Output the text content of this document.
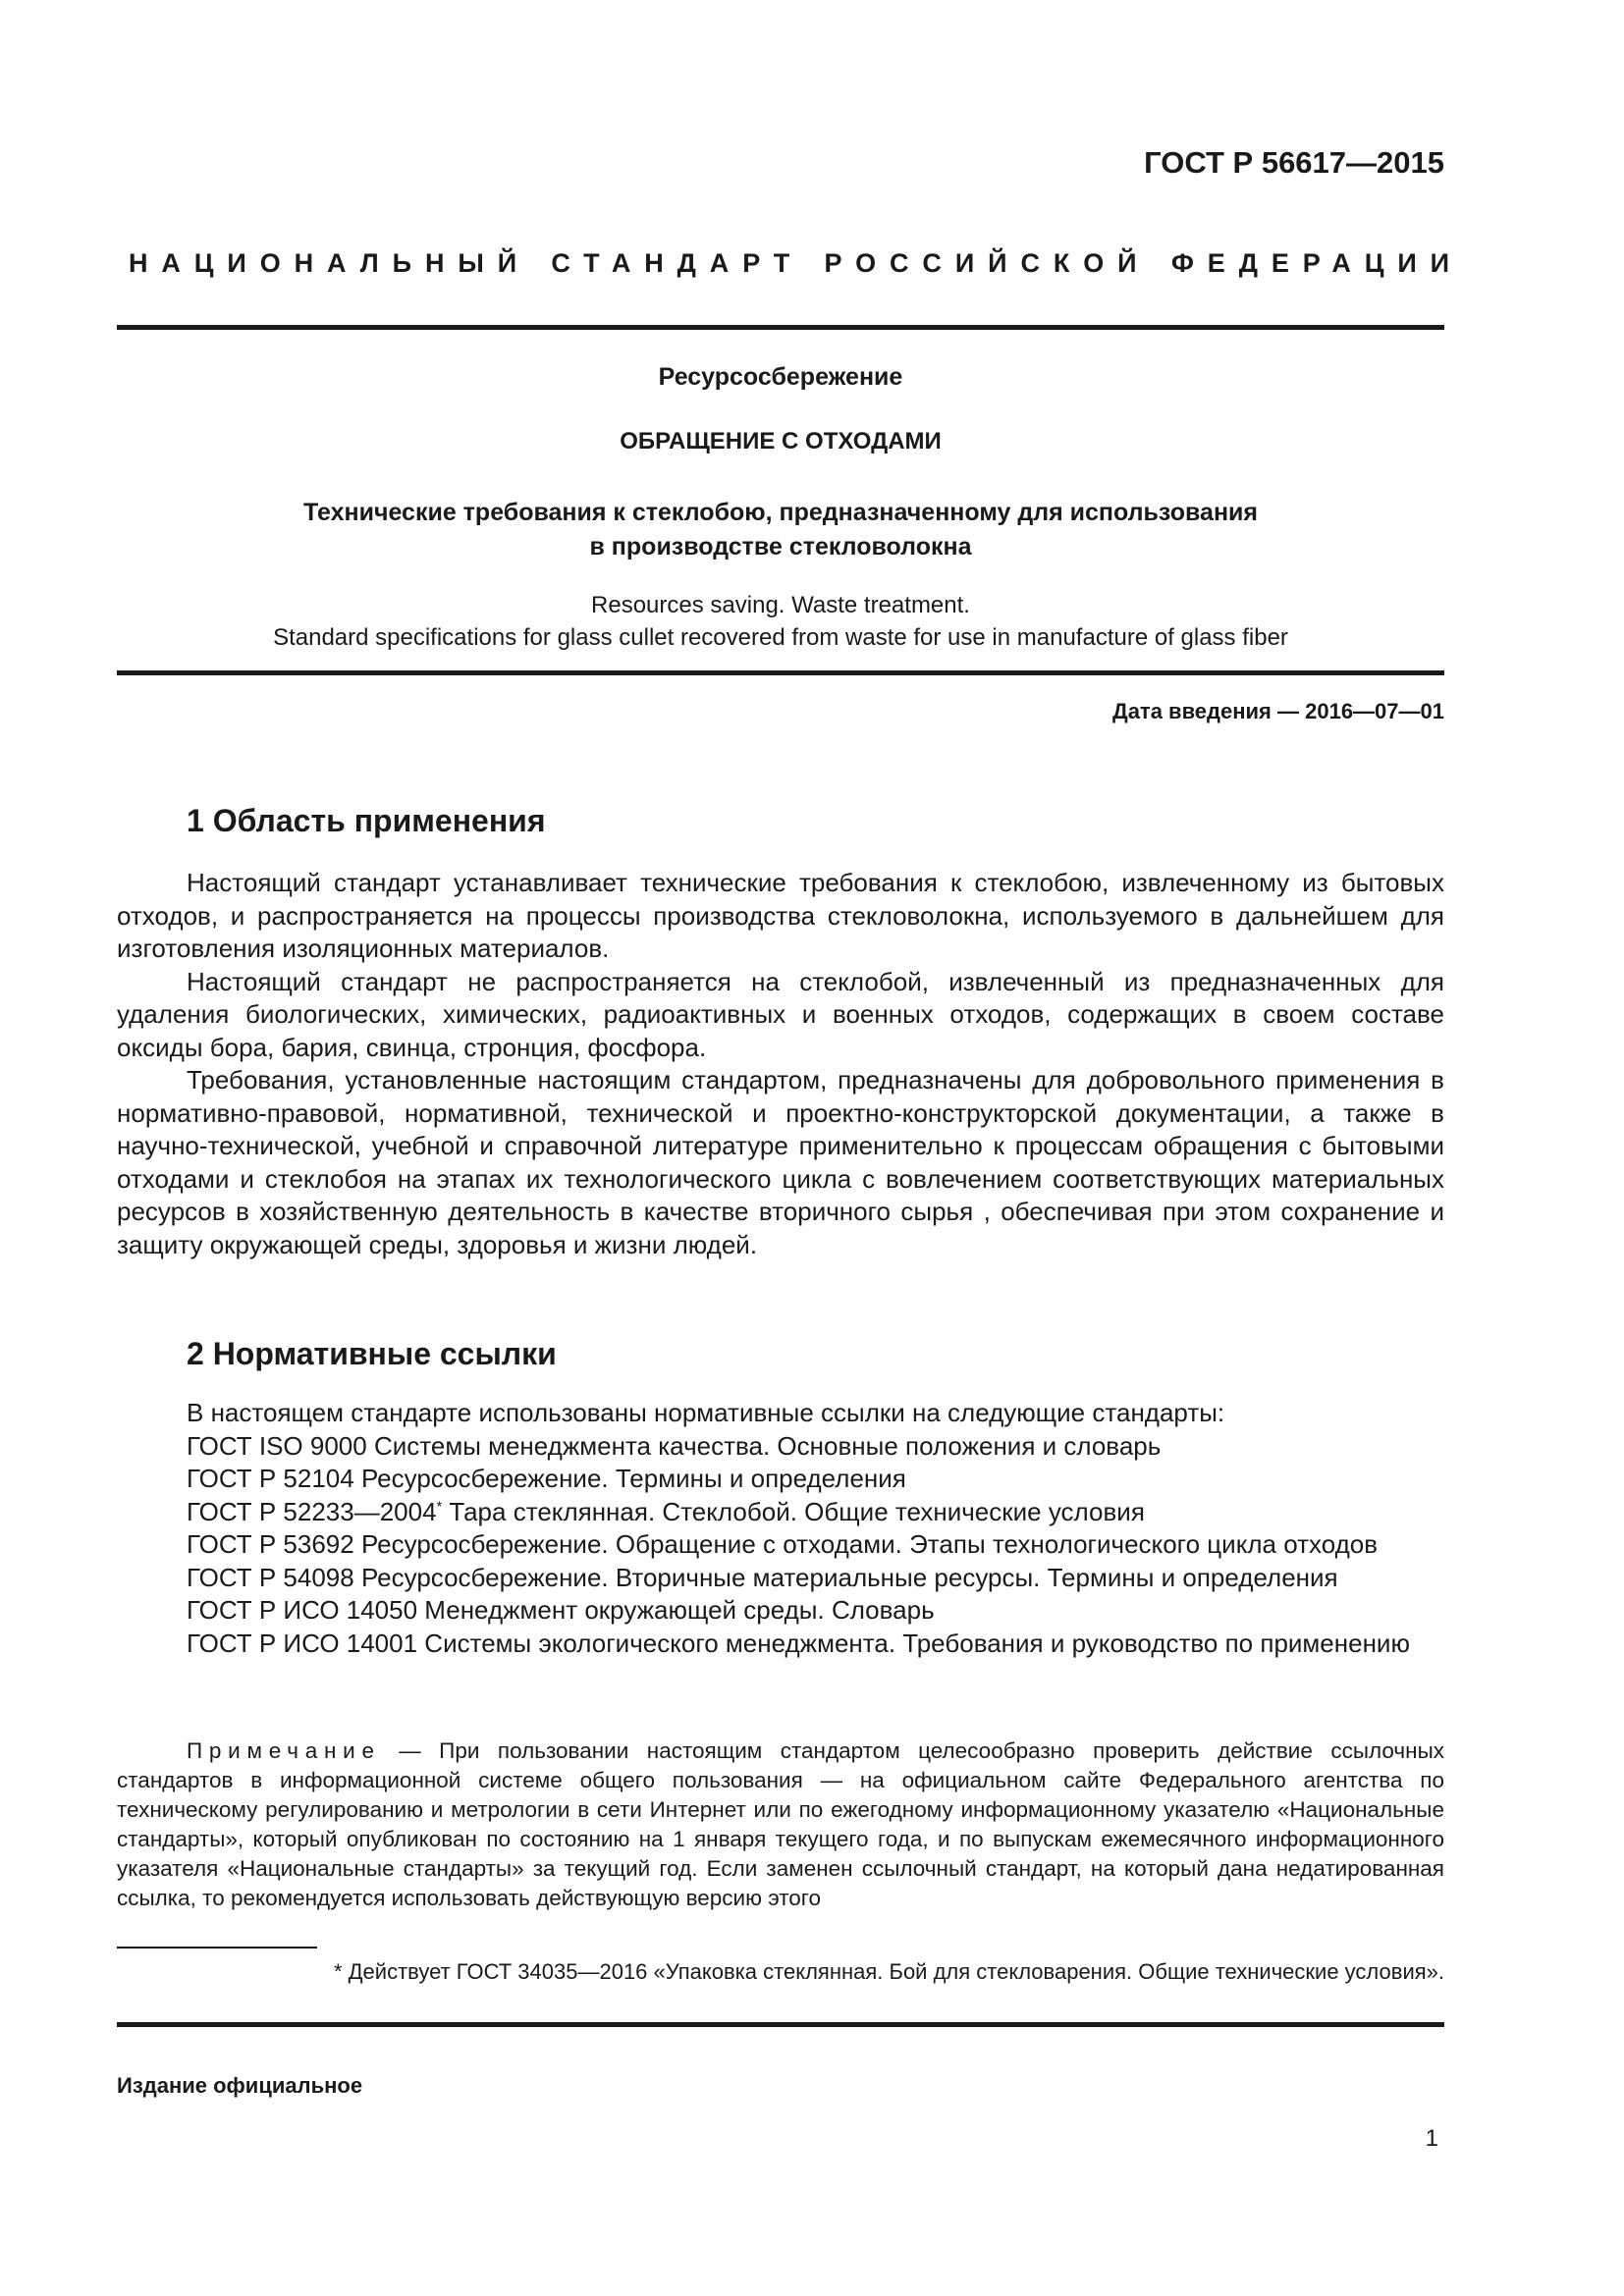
ГОСТ Р 56617—2015
НАЦИОНАЛЬНЫЙ СТАНДАРТ РОССИЙСКОЙ ФЕДЕРАЦИИ
Ресурсосбережение
ОБРАЩЕНИЕ С ОТХОДАМИ
Технические требования к стеклобою, предназначенному для использования
в производстве стекловолокна
Resources saving. Waste treatment.
Standard specifications for glass cullet recovered from waste for use in manufacture of glass fiber
Дата введения — 2016—07—01
1 Область применения

Настоящий стандарт устанавливает технические требования к стеклобою, извлеченному из бытовых отходов, и распространяется на процессы производства стекловолокна, используемого в дальнейшем для изготовления изоляционных материалов.

Настоящий стандарт не распространяется на стеклобой, извлеченный из предназначенных для удаления биологических, химических, радиоактивных и военных отходов, содержащих в своем составе оксиды бора, бария, свинца, стронция, фосфора.

Требования, установленные настоящим стандартом, предназначены для добровольного применения в нормативно-правовой, нормативной, технической и проектно-конструкторской документации, а также в научно-технической, учебной и справочной литературе применительно к процессам обращения с бытовыми отходами и стеклобоя на этапах их технологического цикла с вовлечением соответствующих материальных ресурсов в хозяйственную деятельность в качестве вторичного сырья , обеспечивая при этом сохранение и защиту окружающей среды, здоровья и жизни людей.

2 Нормативные ссылки

В настоящем стандарте использованы нормативные ссылки на следующие стандарты:

ГОСТ ISO 9000 Системы менеджмента качества. Основные положения и словарь

ГОСТ Р 52104 Ресурсосбережение. Термины и определения

ГОСТ Р 52233—2004* Тара стеклянная. Стеклобой. Общие технические условия

ГОСТ Р 53692 Ресурсосбережение. Обращение с отходами. Этапы технологического цикла отходов

ГОСТ Р 54098 Ресурсосбережение. Вторичные материальные ресурсы. Термины и определения

ГОСТ Р ИСО 14050 Менеджмент окружающей среды. Словарь

ГОСТ Р ИСО 14001 Системы экологического менеджмента. Требования и руководство по применению

Примечание — При пользовании настоящим стандартом целесообразно проверить действие ссылочных стандартов в информационной системе общего пользования — на официальном сайте Федерального агентства по техническому регулированию и метрологии в сети Интернет или по ежегодному информационному указателю «Национальные стандарты», который опубликован по состоянию на 1 января текущего года, и по выпускам ежемесячного информационного указателя «Национальные стандарты» за текущий год. Если заменен ссылочный стандарт, на который дана недатированная ссылка, то рекомендуется использовать действующую версию этого

* Действует ГОСТ 34035—2016 «Упаковка стеклянная. Бой для стекловарения. Общие технические условия».
Издание официальное
1
